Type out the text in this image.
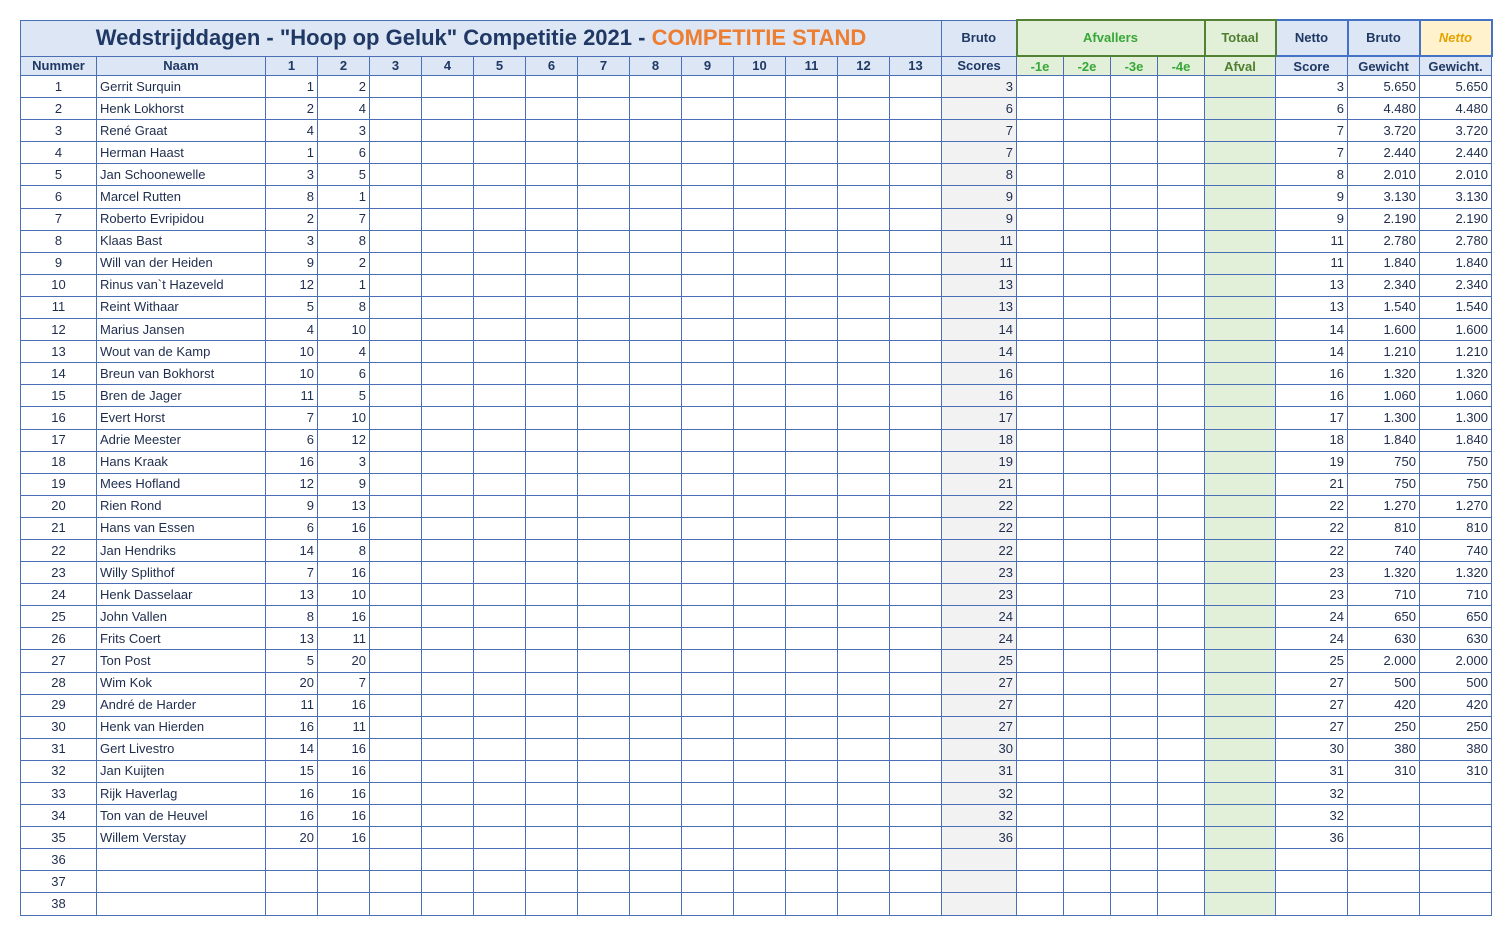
Wedstrijddagen - "Hoop op Geluk" Competitie 2021 - COMPETITIE STAND															Bruto	Afvallers				Totaal	Netto	Bruto	Netto
Nummer	Naam	1	2	3	4	5	6	7	8	9	10	11	12	13	Scores	-1e	-2e	-3e	-4e	Afval	Score	Gewicht	Gewicht.
1	Gerrit Surquin	1	2												3						3	5.650	5.650
2	Henk Lokhorst	2	4												6						6	4.480	4.480
3	René Graat	4	3												7						7	3.720	3.720
4	Herman Haast	1	6												7						7	2.440	2.440
5	Jan Schoonewelle	3	5												8						8	2.010	2.010
6	Marcel Rutten	8	1												9						9	3.130	3.130
7	Roberto Evripidou	2	7												9						9	2.190	2.190
8	Klaas Bast	3	8												11						11	2.780	2.780
9	Will van der Heiden	9	2												11						11	1.840	1.840
10	Rinus van`t Hazeveld	12	1												13						13	2.340	2.340
11	Reint Withaar	5	8												13						13	1.540	1.540
12	Marius Jansen	4	10												14						14	1.600	1.600
13	Wout van de Kamp	10	4												14						14	1.210	1.210
14	Breun van Bokhorst	10	6												16						16	1.320	1.320
15	Bren de Jager	11	5												16						16	1.060	1.060
16	Evert Horst	7	10												17						17	1.300	1.300
17	Adrie Meester	6	12												18						18	1.840	1.840
18	Hans Kraak	16	3												19						19	750	750
19	Mees Hofland	12	9												21						21	750	750
20	Rien Rond	9	13												22						22	1.270	1.270
21	Hans van Essen	6	16												22						22	810	810
22	Jan Hendriks	14	8												22						22	740	740
23	Willy Splithof	7	16												23						23	1.320	1.320
24	Henk Dasselaar	13	10												23						23	710	710
25	John Vallen	8	16												24						24	650	650
26	Frits Coert	13	11												24						24	630	630
27	Ton Post	5	20												25						25	2.000	2.000
28	Wim Kok	20	7												27						27	500	500
29	André de Harder	11	16												27						27	420	420
30	Henk van Hierden	16	11												27						27	250	250
31	Gert Livestro	14	16												30						30	380	380
32	Jan Kuijten	15	16												31						31	310	310
33	Rijk Haverlag	16	16												32						32		
34	Ton van de Heuvel	16	16												32						32		
35	Willem Verstay	20	16												36						36		
36																							
37																							
38																							
